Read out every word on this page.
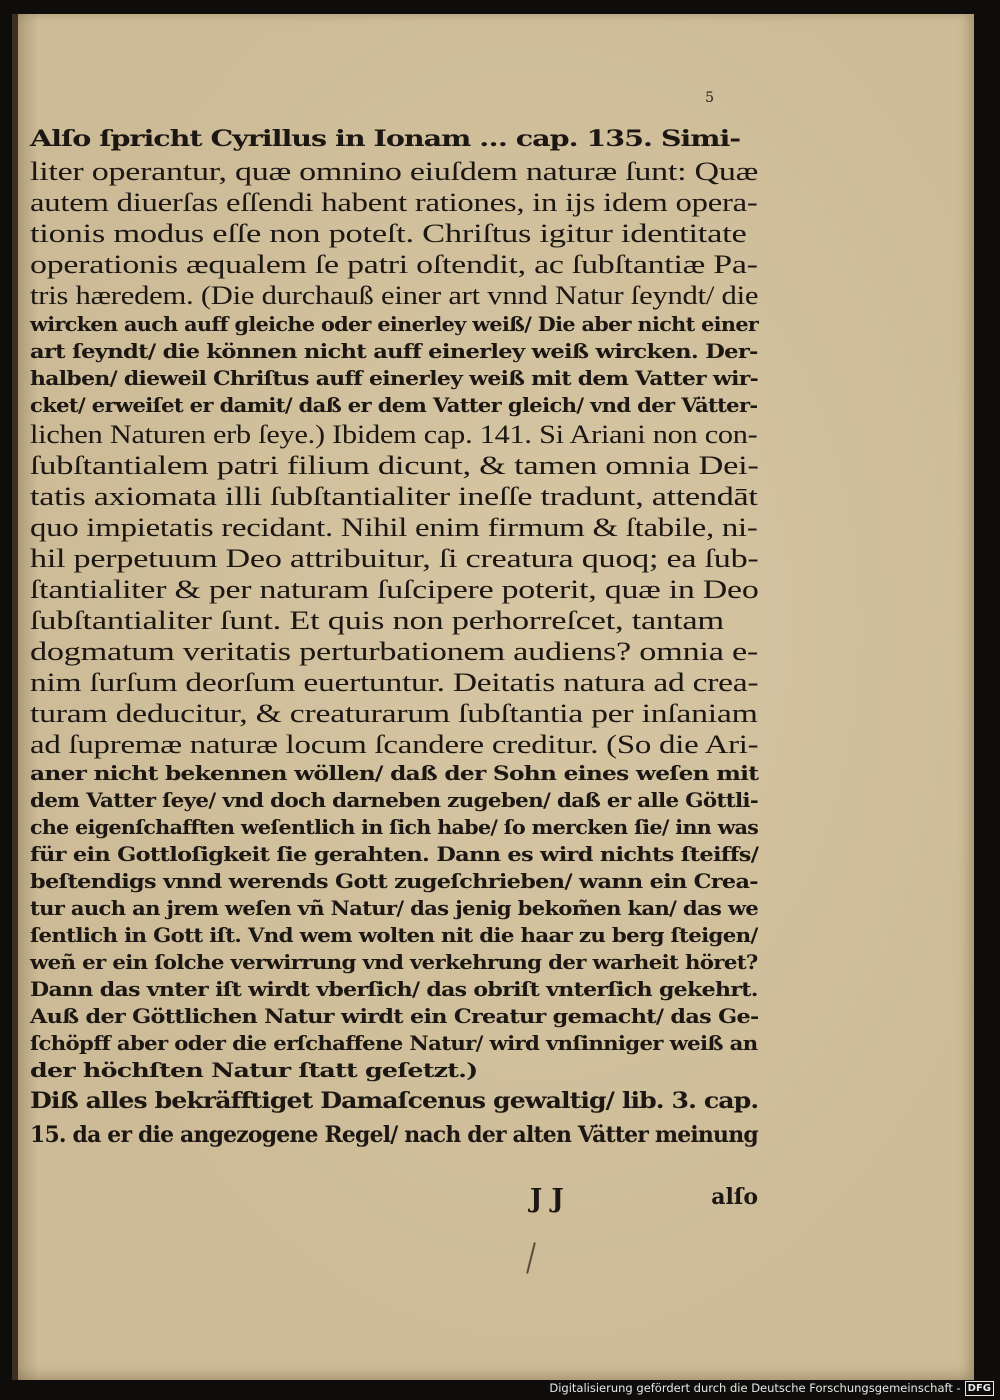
5
Alſo ſpricht Cyrillus in Ionam … cap. 135. Simi-
liter operantur, quæ omnino eiuſdem naturæ ſunt: Quæ
autem diuerſas eſſendi habent rationes, in ijs idem opera-
tionis modus eſſe non poteſt. Chriſtus igitur identitate
operationis æqualem ſe patri oſtendit, ac ſubſtantiæ Pa-
tris hæredem. (Die durchauß einer art vnnd Natur ſeyndt/ die
wircken auch auff gleiche oder einerley weiß/ Die aber nicht einer
art ſeyndt/ die können nicht auff einerley weiß wircken. Der-
halben/ dieweil Chriſtus auff einerley weiß mit dem Vatter wir-
cket/ erweiſet er damit/ daß er dem Vatter gleich/ vnd der Vätter-
lichen Naturen erb ſeye.) Ibidem cap. 141. Si Ariani non con-
ſubſtantialem patri filium dicunt, & tamen omnia Dei-
tatis axiomata illi ſubſtantialiter ineſſe tradunt, attendāt
quo impietatis recidant. Nihil enim firmum & ſtabile, ni-
hil perpetuum Deo attribuitur, ſi creatura quoq; ea ſub-
ſtantialiter & per naturam ſuſcipere poterit, quæ in Deo
ſubſtantialiter ſunt. Et quis non perhorreſcet, tantam
dogmatum veritatis perturbationem audiens? omnia e-
nim ſurſum deorſum euertuntur. Deitatis natura ad crea-
turam deducitur, & creaturarum ſubſtantia per inſaniam
ad ſupremæ naturæ locum ſcandere creditur. (So die Ari-
aner nicht bekennen wöllen/ daß der Sohn eines weſen mit
dem Vatter ſeye/ vnd doch darneben zugeben/ daß er alle Göttli-
che eigenſchafften weſentlich in ſich habe/ ſo mercken ſie/ inn was
für ein Gottloſigkeit ſie gerahten. Dann es wird nichts ſteiffs/
beſtendigs vnnd werends Gott zugeſchrieben/ wann ein Crea-
tur auch an jrem weſen vñ Natur/ das jenig bekom̃en kan/ das we
ſentlich in Gott iſt. Vnd wem wolten nit die haar zu berg ſteigen/
weñ er ein ſolche verwirrung vnd verkehrung der warheit höret?
Dann das vnter iſt wirdt vberſich/ das obriſt vnterſich gekehrt.
Auß der Göttlichen Natur wirdt ein Creatur gemacht/ das Ge-
ſchöpff aber oder die erſchaffene Natur/ wird vnſinniger weiß an
der höchſten Natur ſtatt geſetzt.)
Diß alles bekräfftiget Damaſcenus gewaltig/ lib. 3. cap.
15. da er die angezogene Regel/ nach der alten Vätter meinung
J J	alſo
Digitalisierung gefördert durch die Deutsche Forschungsgemeinschaft - DFG
